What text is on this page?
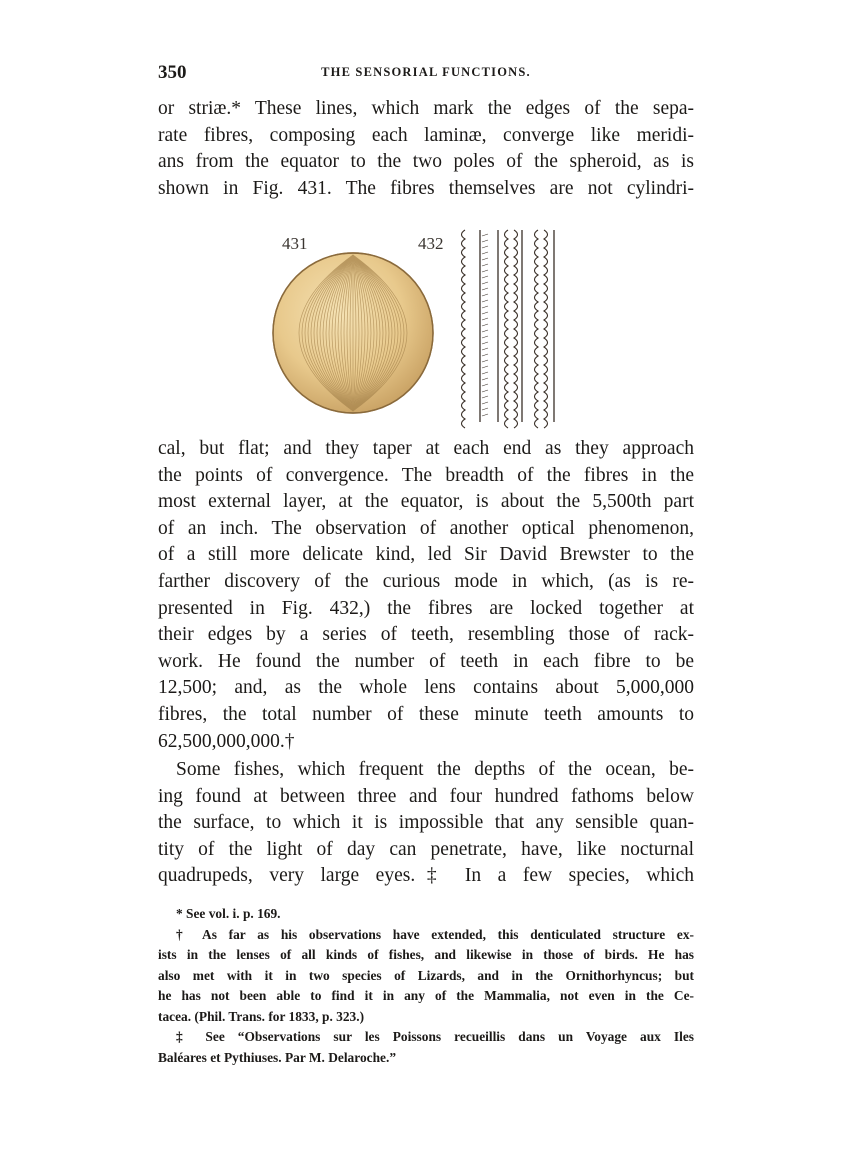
350	THE SENSORIAL FUNCTIONS.
or striæ.* These lines, which mark the edges of the sepa-
rate fibres, composing each laminæ, converge like meridi-
ans from the equator to the two poles of the spheroid, as is
shown in Fig. 431. The fibres themselves are not cylindri-
431	432
cal, but flat; and they taper at each end as they approach
the points of convergence. The breadth of the fibres in the
most external layer, at the equator, is about the 5,500th part
of an inch. The observation of another optical phenomenon,
of a still more delicate kind, led Sir David Brewster to the
farther discovery of the curious mode in which, (as is re-
presented in Fig. 432,) the fibres are locked together at
their edges by a series of teeth, resembling those of rack-
work. He found the number of teeth in each fibre to be
12,500; and, as the whole lens contains about 5,000,000
fibres, the total number of these minute teeth amounts to
62,500,000,000.†
Some fishes, which frequent the depths of the ocean, be-
ing found at between three and four hundred fathoms below
the surface, to which it is impossible that any sensible quan-
tity of the light of day can penetrate, have, like nocturnal
quadrupeds, very large eyes.‡ In a few species, which
* See vol. i. p. 169.
† As far as his observations have extended, this denticulated structure ex-
ists in the lenses of all kinds of fishes, and likewise in those of birds. He has
also met with it in two species of Lizards, and in the Ornithorhyncus; but
he has not been able to find it in any of the Mammalia, not even in the Ce-
tacea. (Phil. Trans. for 1833, p. 323.)
‡ See “Observations sur les Poissons recueillis dans un Voyage aux Iles
Baléares et Pythiuses. Par M. Delaroche.”
